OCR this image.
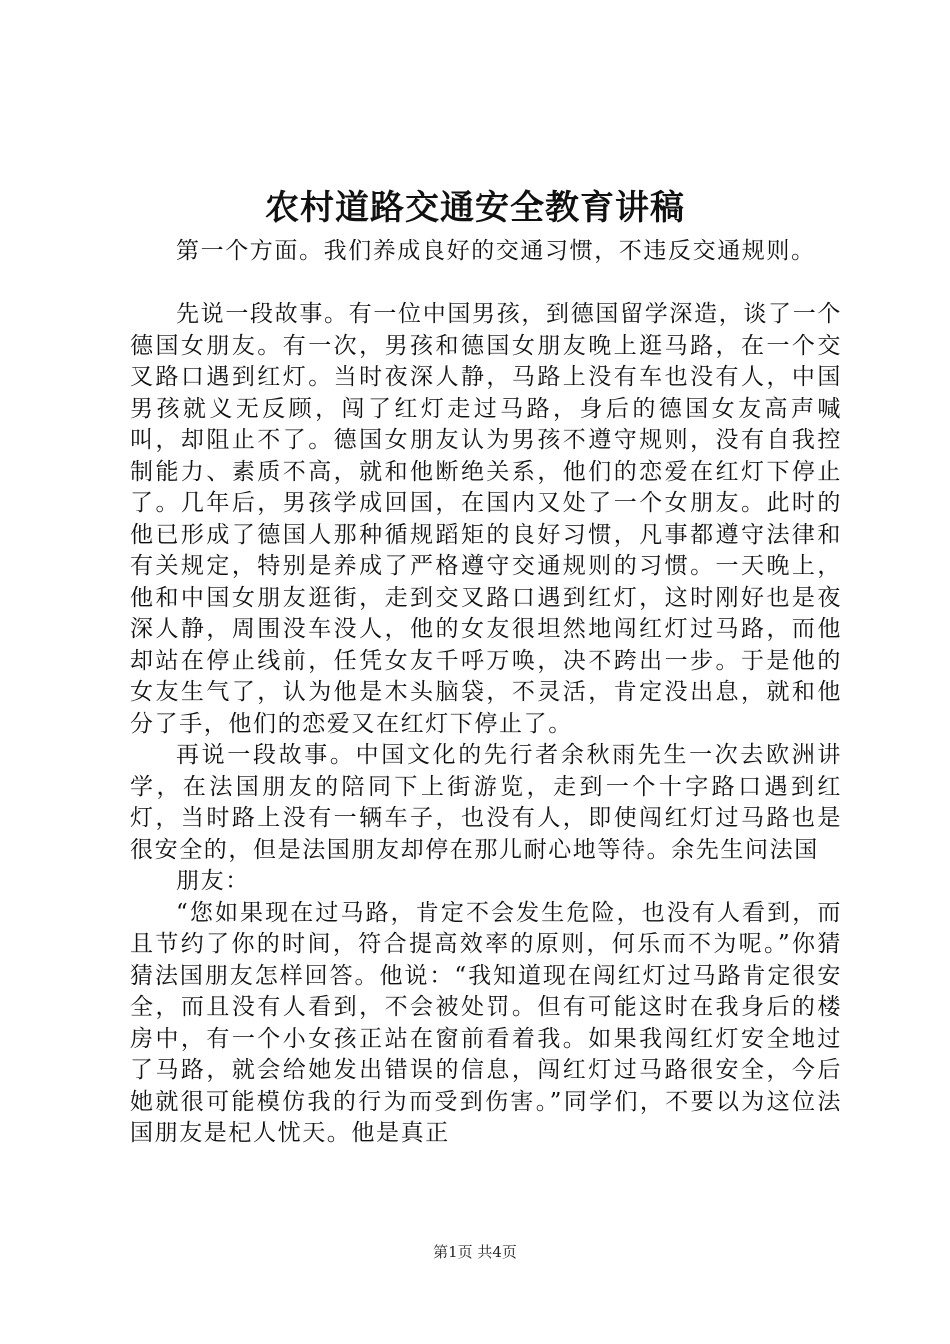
农村道路交通安全教育讲稿

第一个方面。我们养成良好的交通习惯，不违反交通规则。

先说一段故事。有一位中国男孩，到德国留学深造，谈了一个德国女朋友。有一次，男孩和德国女朋友晚上逛马路，在一个交叉路口遇到红灯。当时夜深人静，马路上没有车也没有人，中国男孩就义无反顾，闯了红灯走过马路，身后的德国女友高声喊叫，却阻止不了。德国女朋友认为男孩不遵守规则，没有自我控制能力、素质不高，就和他断绝关系，他们的恋爱在红灯下停止了。几年后，男孩学成回国，在国内又处了一个女朋友。此时的他已形成了德国人那种循规蹈矩的良好习惯，凡事都遵守法律和有关规定，特别是养成了严格遵守交通规则的习惯。一天晚上，他和中国女朋友逛街，走到交叉路口遇到红灯，这时刚好也是夜深人静，周围没车没人，他的女友很坦然地闯红灯过马路，而他却站在停止线前，任凭女友千呼万唤，决不跨出一步。于是他的女友生气了，认为他是木头脑袋，不灵活，肯定没出息，就和他分了手，他们的恋爱又在红灯下停止了。

再说一段故事。中国文化的先行者余秋雨先生一次去欧洲讲学，在法国朋友的陪同下上街游览，走到一个十字路口遇到红灯，当时路上没有一辆车子，也没有人，即使闯红灯过马路也是很安全的，但是法国朋友却停在那儿耐心地等待。余先生问法国

朋友：

“您如果现在过马路，肯定不会发生危险，也没有人看到，而且节约了你的时间，符合提高效率的原则，何乐而不为呢。”你猜猜法国朋友怎样回答。他说：“我知道现在闯红灯过马路肯定很安全，而且没有人看到，不会被处罚。但有可能这时在我身后的楼房中，有一个小女孩正站在窗前看着我。如果我闯红灯安全地过了马路，就会给她发出错误的信息，闯红灯过马路很安全，今后她就很可能模仿我的行为而受到伤害。”同学们，不要以为这位法国朋友是杞人忧天。他是真正

第1页 共4页
